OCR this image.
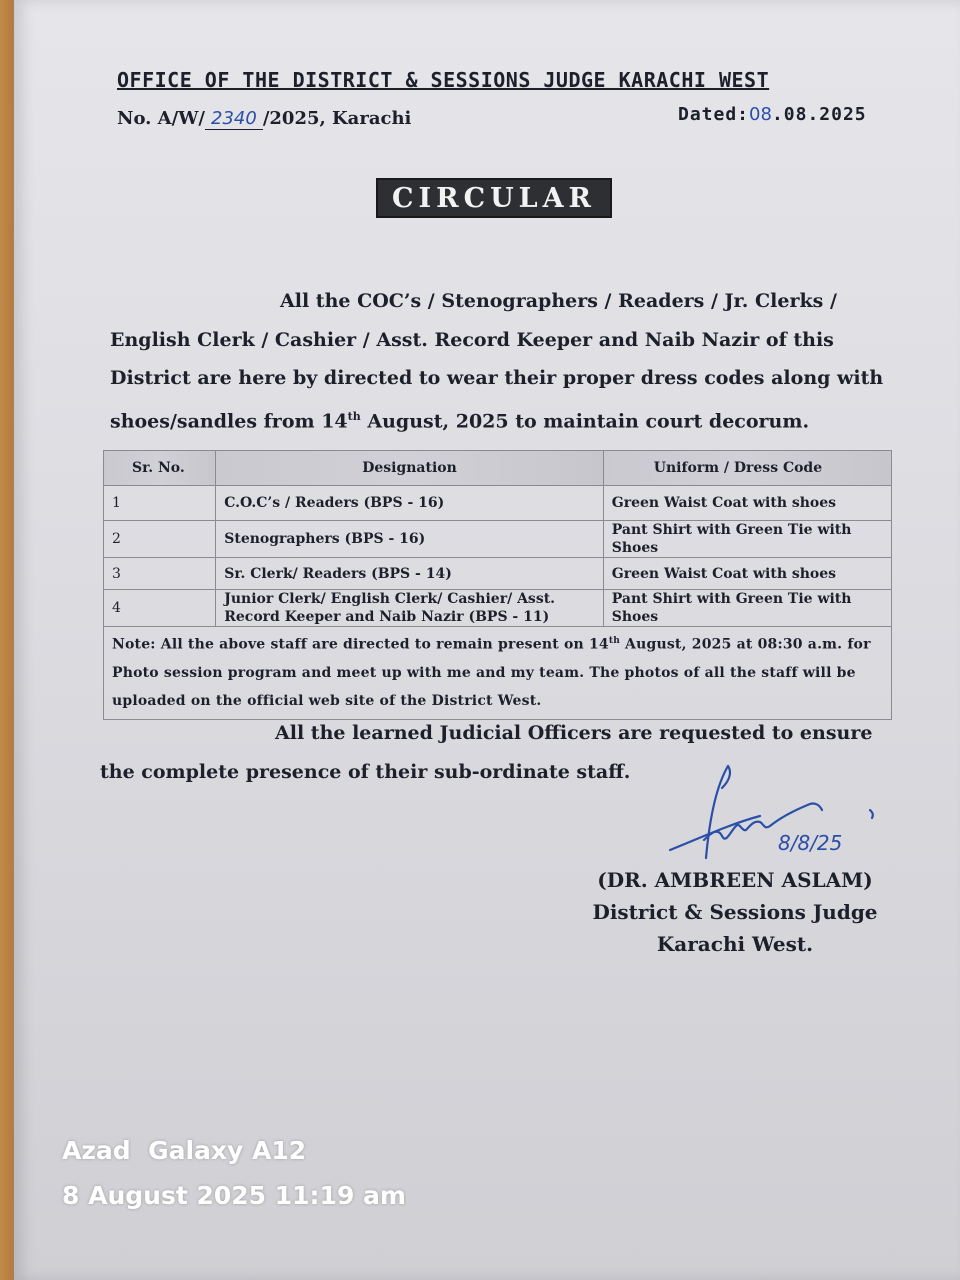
OFFICE OF THE DISTRICT & SESSIONS JUDGE KARACHI WEST
No. A/W/ 2340 /2025, Karachi	Dated:08.08.2025
CIRCULAR
All the COC’s / Stenographers / Readers / Jr. Clerks / English Clerk / Cashier / Asst. Record Keeper and Naib Nazir of this District are here by directed to wear their proper dress codes along with shoes/sandles from 14th August, 2025 to maintain court decorum.
Sr. No.	Designation	Uniform / Dress Code
1	C.O.C’s / Readers (BPS - 16)	Green Waist Coat with shoes
2	Stenographers (BPS - 16)	Pant Shirt with Green Tie with Shoes
3	Sr. Clerk/ Readers (BPS - 14)	Green Waist Coat with shoes
4	Junior Clerk/ English Clerk/ Cashier/ Asst. Record Keeper and Naib Nazir (BPS - 11)	Pant Shirt with Green Tie with Shoes
Note: All the above staff are directed to remain present on 14th August, 2025 at 08:30 a.m. for Photo session program and meet up with me and my team. The photos of all the staff will be uploaded on the official web site of the District West.		
All the learned Judicial Officers are requested to ensure the complete presence of their sub-ordinate staff.
8/8/25
(DR. AMBREEN ASLAM)
District & Sessions Judge
Karachi West.
Azad  Galaxy A12
8 August 2025 11:19 am
